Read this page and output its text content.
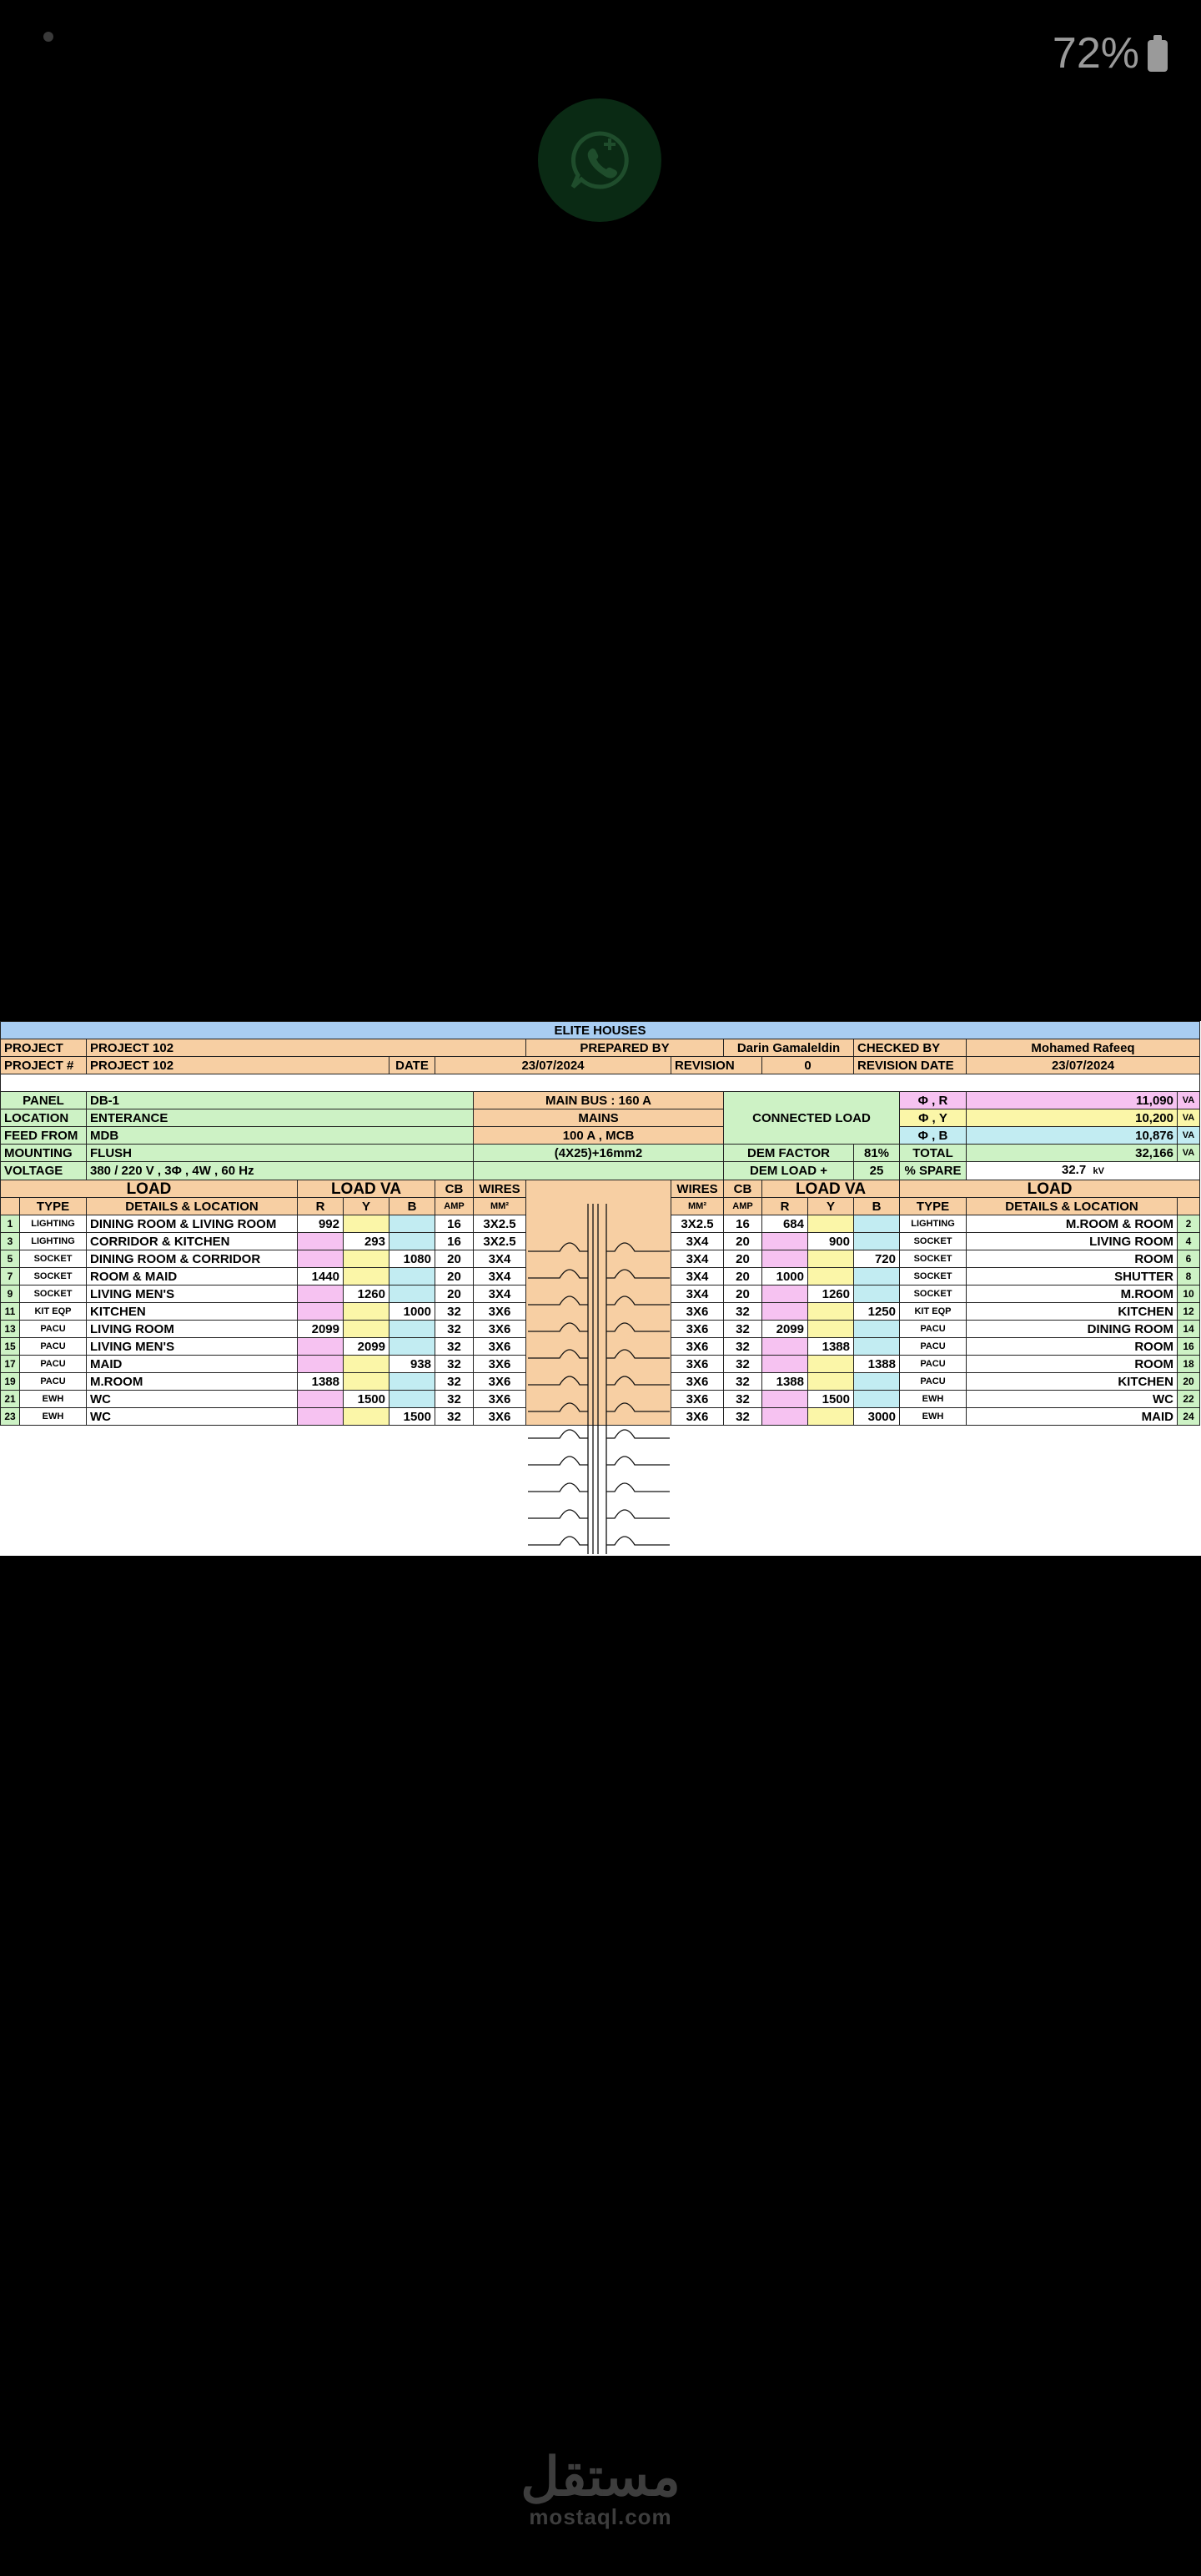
72%
ELITE HOUSES																
PROJECT		PROJECT 102						PREPARED BY		Darin Gamaleldin			CHECKED BY		Mohamed Rafeeq	
PROJECT #		PROJECT 102			DATE	23/07/2024			REVISION		0		REVISION DATE		23/07/2024	

PANEL		DB-1					MAIN BUS : 160 A			CONNECTED LOAD				Φ , R	11,090	VA
LOCATION		ENTERANCE					MAINS							Φ , Y	10,200	VA
FEED FROM		MDB					100 A , MCB							Φ , B	10,876	VA
MOUNTING		FLUSH					(4X25)+16mm2			DEM FACTOR			81%	TOTAL	32,166	VA
VOLTAGE		380 / 220 V , 3Φ , 4W , 60 Hz								DEM LOAD +			25	% SPARE	32.7 kV	
LOAD			LOAD VA			CB	WIRES		WIRES	CB	LOAD VA			LOAD		
	TYPE	DETAILS & LOCATION	R	Y	B	AMP	MM²		MM²	AMP	R	Y	B	TYPE	DETAILS & LOCATION	
1	LIGHTING	DINING ROOM & LIVING ROOM	992			16	3X2.5		3X2.5	16	684			LIGHTING	M.ROOM & ROOM	2
3	LIGHTING	CORRIDOR & KITCHEN		293		16	3X2.5		3X4	20		900		SOCKET	LIVING ROOM	4
5	SOCKET	DINING ROOM & CORRIDOR			1080	20	3X4		3X4	20			720	SOCKET	ROOM	6
7	SOCKET	ROOM & MAID	1440			20	3X4		3X4	20	1000			SOCKET	SHUTTER	8
9	SOCKET	LIVING MEN'S		1260		20	3X4		3X4	20		1260		SOCKET	M.ROOM	10
11	KIT EQP	KITCHEN			1000	32	3X6		3X6	32			1250	KIT EQP	KITCHEN	12
13	PACU	LIVING ROOM	2099			32	3X6		3X6	32	2099			PACU	DINING ROOM	14
15	PACU	LIVING MEN'S		2099		32	3X6		3X6	32		1388		PACU	ROOM	16
17	PACU	MAID			938	32	3X6		3X6	32			1388	PACU	ROOM	18
19	PACU	M.ROOM	1388			32	3X6		3X6	32	1388			PACU	KITCHEN	20
21	EWH	WC		1500		32	3X6		3X6	32		1500		EWH	WC	22
23	EWH	WC			1500	32	3X6		3X6	32			3000	EWH	MAID	24
مستقل
mostaql.com
